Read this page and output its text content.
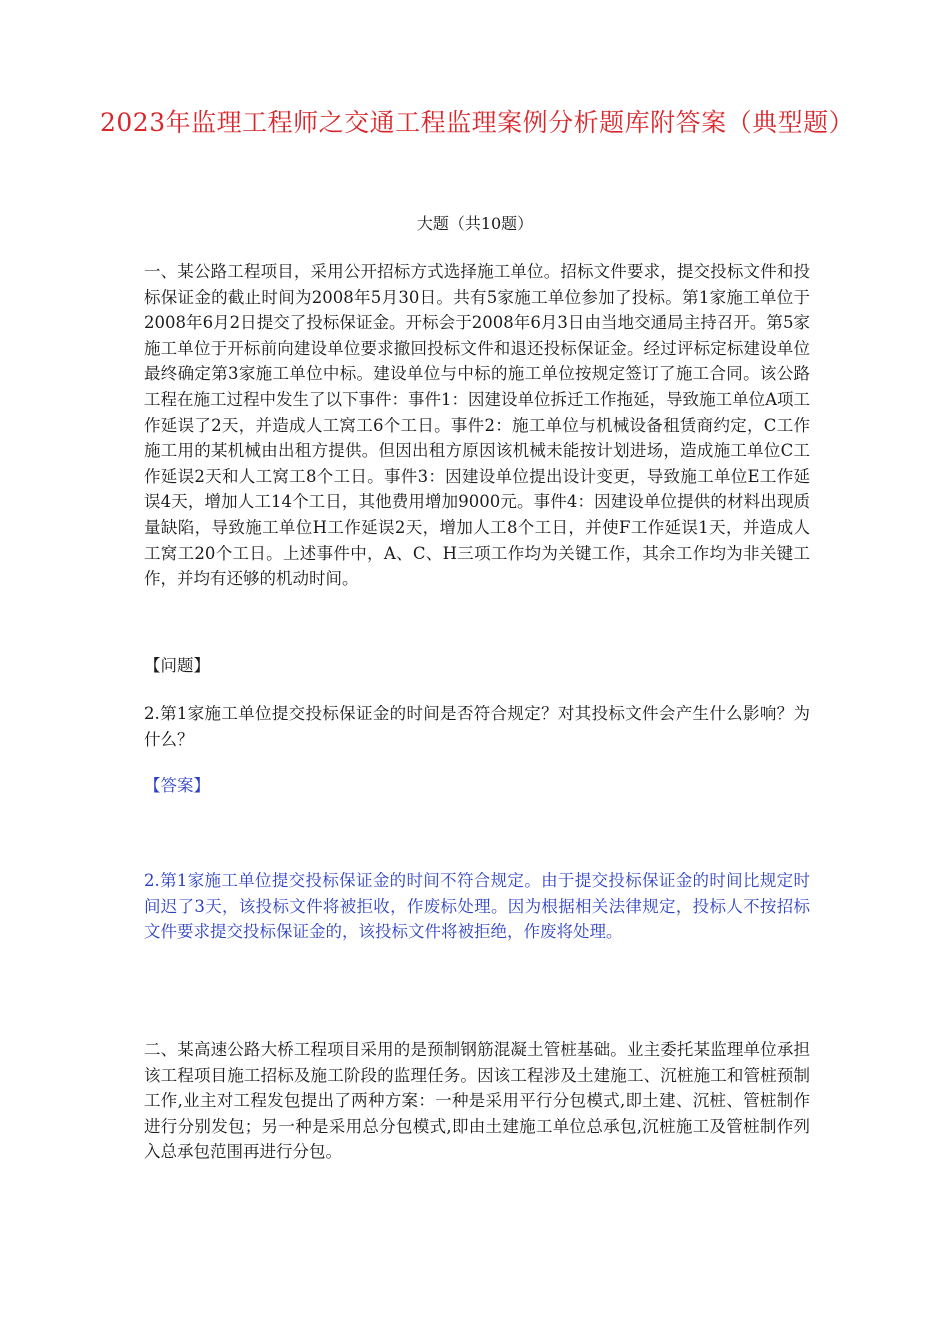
2023年监理工程师之交通工程监理案例分析题库附答案（典型题）
大题（共10题）

一、某公路工程项目，采用公开招标方式选择施工单位。招标文件要求，提交投标文件和投标保证金的截止时间为2008年5月30日。共有5家施工单位参加了投标。第1家施工单位于2008年6月2日提交了投标保证金。开标会于2008年6月3日由当地交通局主持召开。第5家施工单位于开标前向建设单位要求撤回投标文件和退还投标保证金。经过评标定标建设单位最终确定第3家施工单位中标。建设单位与中标的施工单位按规定签订了施工合同。该公路工程在施工过程中发生了以下事件：事件1：因建设单位拆迁工作拖延，导致施工单位A项工作延误了2天，并造成人工窝工6个工日。事件2：施工单位与机械设备租赁商约定，C工作施工用的某机械由出租方提供。但因出租方原因该机械未能按计划进场，造成施工单位C工作延误2天和人工窝工8个工日。事件3：因建设单位提出设计变更，导致施工单位E工作延误4天，增加人工14个工日，其他费用增加9000元。事件4：因建设单位提供的材料出现质量缺陷，导致施工单位H工作延误2天，增加人工8个工日，并使F工作延误1天，并造成人工窝工20个工日。上述事件中，A、C、H三项工作均为关键工作，其余工作均为非关键工作，并均有还够的机动时间。

【问题】

2.第1家施工单位提交投标保证金的时间是否符合规定？对其投标文件会产生什么影响？为什么？

【答案】

2.第1家施工单位提交投标保证金的时间不符合规定。由于提交投标保证金的时间比规定时间迟了3天，该投标文件将被拒收，作废标处理。因为根据相关法律规定，投标人不按招标文件要求提交投标保证金的，该投标文件将被拒绝，作废将处理。

二、某高速公路大桥工程项目采用的是预制钢筋混凝土管桩基础。业主委托某监理单位承担该工程项目施工招标及施工阶段的监理任务。因该工程涉及土建施工、沉桩施工和管桩预制工作,业主对工程发包提出了两种方案：一种是采用平行分包模式,即土建、沉桩、管桩制作进行分别发包；另一种是采用总分包模式,即由土建施工单位总承包,沉桩施工及管桩制作列入总承包范围再进行分包。
